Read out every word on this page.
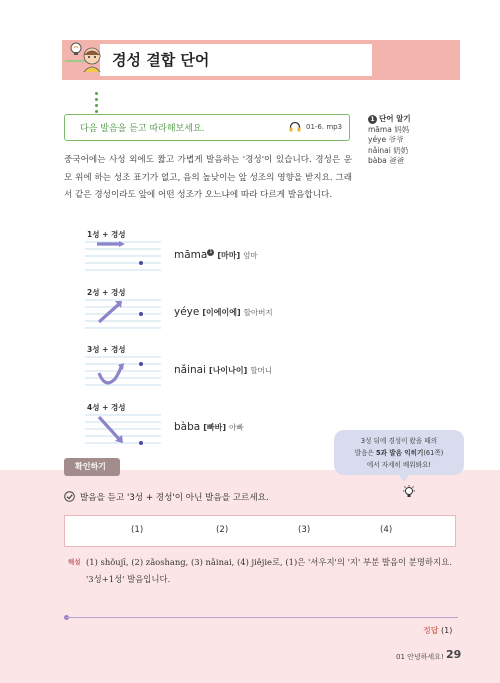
경성 결합 단어
다음 발음을 듣고 따라해보세요.	01-6. mp3
1 단어 알기
māma 妈妈
yéye 爷爷
nǎinai 奶奶
bàba 爸爸
중국어에는 사성 외에도 짧고 가볍게 발음하는 '경성'이 있습니다. 경성은 운모 위에 하는 성조 표기가 없고, 음의 높낮이는 앞 성조의 영향을 받지요. 그래서 같은 경성이라도 앞에 어떤 성조가 오느냐에 따라 다르게 발음합니다.
1성 + 경성
māma 1 [마마] 엄마
2성 + 경성
yéye [이에이에] 할아버지
3성 + 경성
nǎinai [나이나이] 할머니
4성 + 경성
bàba [빠바] 아빠
3성 뒤에 경성이 왔을 때의
발음은 5과 발음 익히기(61쪽)
에서 자세히 배워봐요!
확인하기
발음을 듣고 '3성 + 경성'이 아닌 발음을 고르세요.
(1)	(2)	(3)	(4)
해설 (1) shǒujī, (2) zǎoshang, (3) nǎinai, (4) jiějie로, (1)은 '셔우지'의 '지' 부분 발음이 분명하지요. '3성+1성' 발음입니다.
정답 (1)
01 안녕하세요! 29
